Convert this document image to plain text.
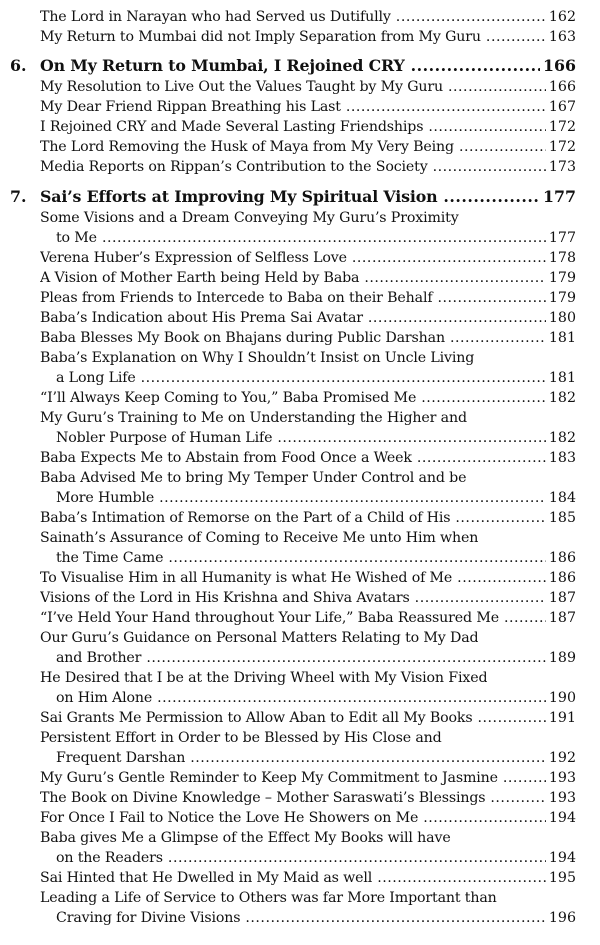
The Lord in Narayan who had Served us Dutifully .....	162
My Return to Mumbai did not Imply Separation from My Guru .....	163
6. On My Return to Mumbai, I Rejoined CRY .....	166
My Resolution to Live Out the Values Taught by My Guru .....	166
My Dear Friend Rippan Breathing his Last .....	167
I Rejoined CRY and Made Several Lasting Friendships .....	172
The Lord Removing the Husk of Maya from My Very Being .....	172
Media Reports on Rippan’s Contribution to the Society .....	173
7. Sai’s Efforts at Improving My Spiritual Vision .....	177
Some Visions and a Dream Conveying My Guru’s Proximity
to Me .....	177
Verena Huber’s Expression of Selfless Love .....	178
A Vision of Mother Earth being Held by Baba .....	179
Pleas from Friends to Intercede to Baba on their Behalf .....	179
Baba’s Indication about His Prema Sai Avatar .....	180
Baba Blesses My Book on Bhajans during Public Darshan .....	181
Baba’s Explanation on Why I Shouldn’t Insist on Uncle Living
a Long Life .....	181
“I’ll Always Keep Coming to You,” Baba Promised Me .....	182
My Guru’s Training to Me on Understanding the Higher and
Nobler Purpose of Human Life .....	182
Baba Expects Me to Abstain from Food Once a Week .....	183
Baba Advised Me to bring My Temper Under Control and be
More Humble .....	184
Baba’s Intimation of Remorse on the Part of a Child of His .....	185
Sainath’s Assurance of Coming to Receive Me unto Him when
the Time Came .....	186
To Visualise Him in all Humanity is what He Wished of Me .....	186
Visions of the Lord in His Krishna and Shiva Avatars .....	187
“I’ve Held Your Hand throughout Your Life,” Baba Reassured Me .....	187
Our Guru’s Guidance on Personal Matters Relating to My Dad
and Brother .....	189
He Desired that I be at the Driving Wheel with My Vision Fixed
on Him Alone .....	190
Sai Grants Me Permission to Allow Aban to Edit all My Books .....	191
Persistent Effort in Order to be Blessed by His Close and
Frequent Darshan .....	192
My Guru’s Gentle Reminder to Keep My Commitment to Jasmine .....	193
The Book on Divine Knowledge – Mother Saraswati’s Blessings .....	193
For Once I Fail to Notice the Love He Showers on Me .....	194
Baba gives Me a Glimpse of the Effect My Books will have
on the Readers .....	194
Sai Hinted that He Dwelled in My Maid as well .....	195
Leading a Life of Service to Others was far More Important than
Craving for Divine Visions .....	196
